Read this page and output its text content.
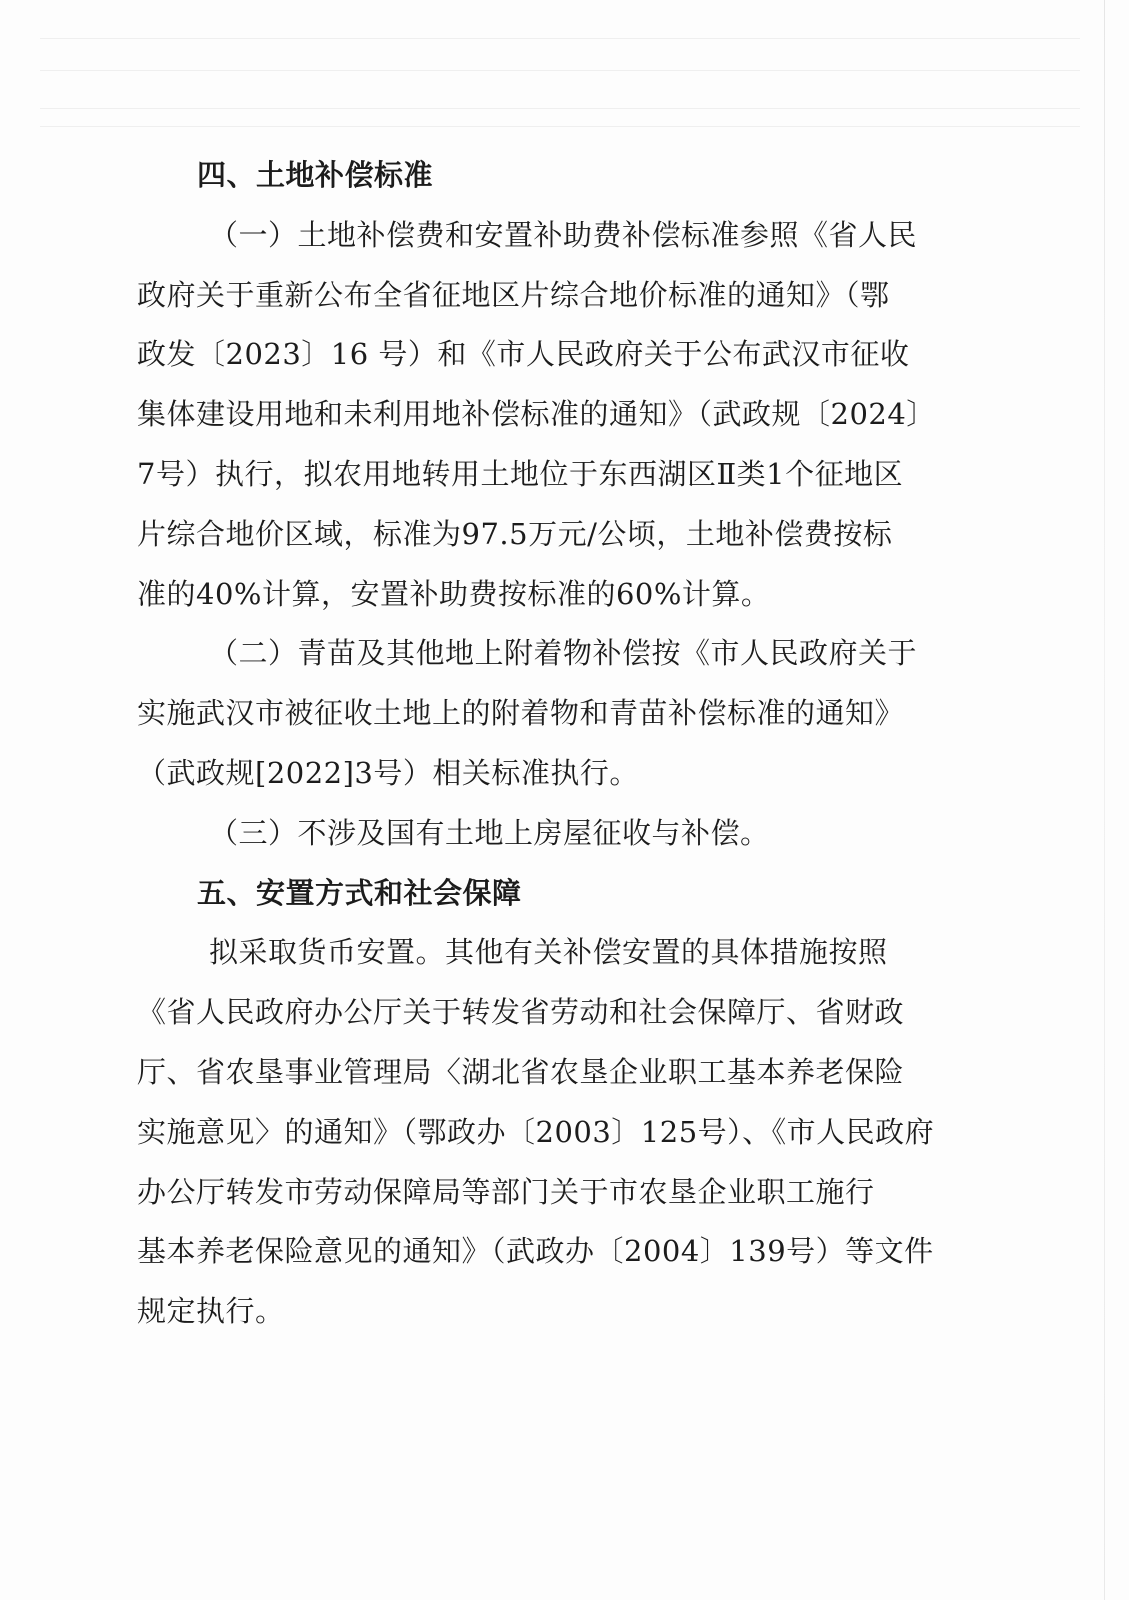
四、土地补偿标准
（一）土地补偿费和安置补助费补偿标准参照《省人民
政府关于重新公布全省征地区片综合地价标准的通知》（鄂
政发〔2023〕16 号）和《市人民政府关于公布武汉市征收
集体建设用地和未利用地补偿标准的通知》（武政规〔2024〕
7号）执行，拟农用地转用土地位于东西湖区Ⅱ类1个征地区
片综合地价区域，标准为97.5万元/公顷，土地补偿费按标
准的40%计算，安置补助费按标准的60%计算。
（二）青苗及其他地上附着物补偿按《市人民政府关于
实施武汉市被征收土地上的附着物和青苗补偿标准的通知》
（武政规[2022]3号）相关标准执行。
（三）不涉及国有土地上房屋征收与补偿。
五、安置方式和社会保障
拟采取货币安置。其他有关补偿安置的具体措施按照
《省人民政府办公厅关于转发省劳动和社会保障厅、省财政
厅、省农垦事业管理局〈湖北省农垦企业职工基本养老保险
实施意见〉的通知》（鄂政办〔2003〕125号）、《市人民政府
办公厅转发市劳动保障局等部门关于市农垦企业职工施行
基本养老保险意见的通知》（武政办〔2004〕139号）等文件
规定执行。
